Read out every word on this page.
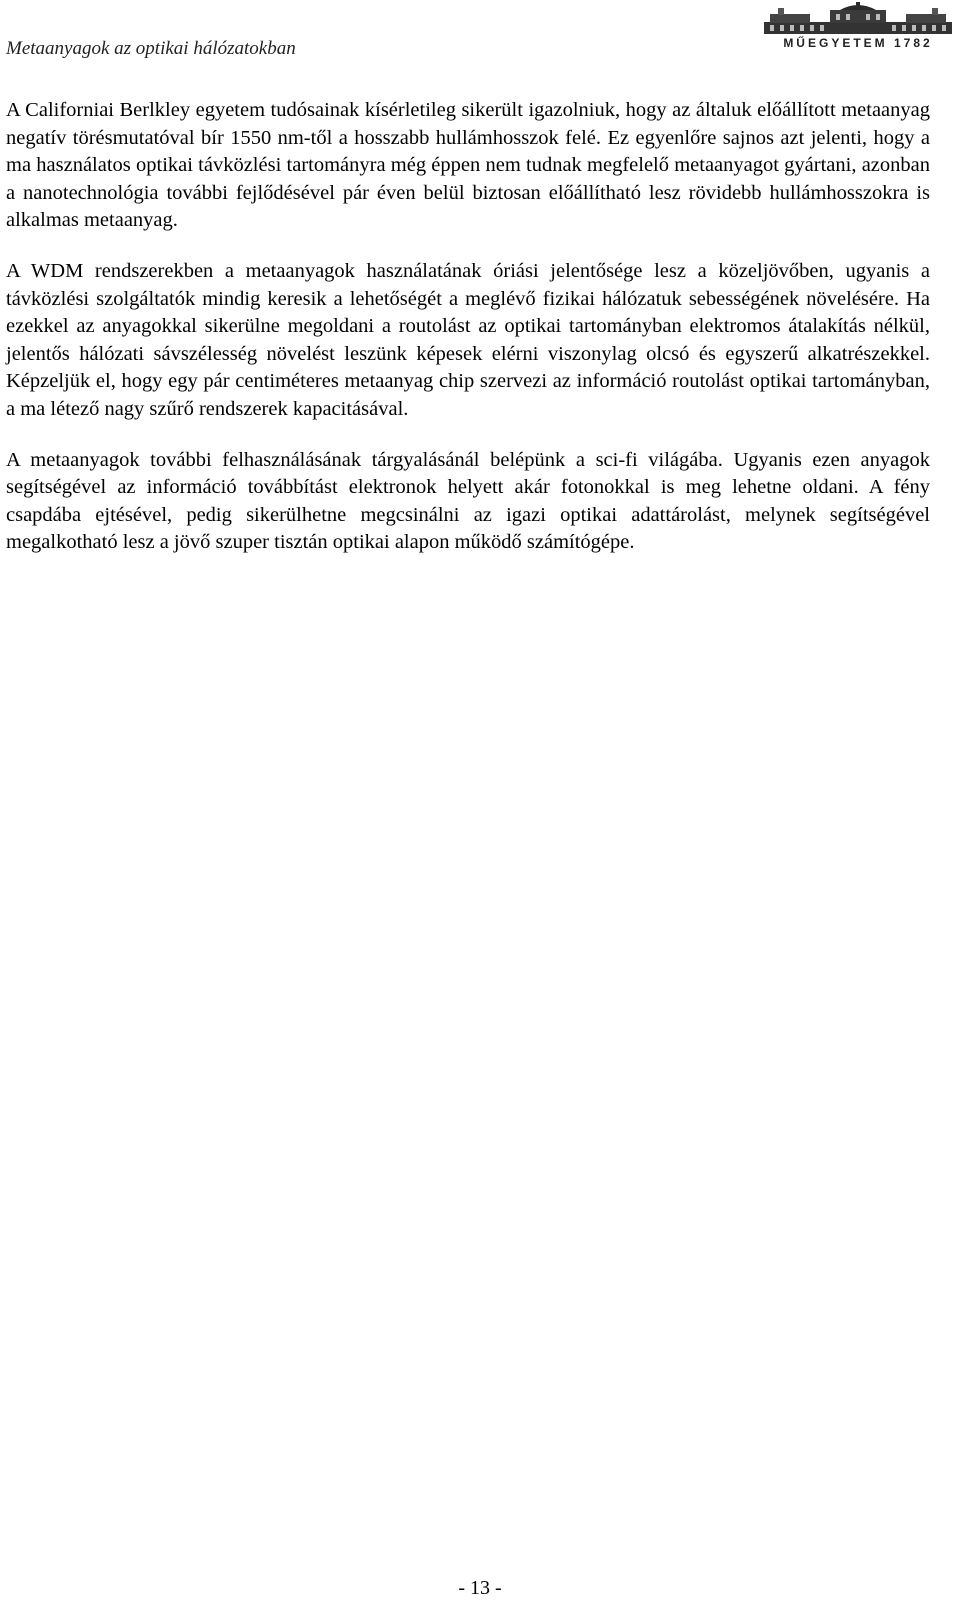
Metaanyagok az optikai hálózatokban	MŰEGYETEM 1782

A Californiai Berlkley egyetem tudósainak kísérletileg sikerült igazolniuk, hogy az általuk előállított metaanyag negatív törésmutatóval bír 1550 nm-től a hosszabb hullámhosszok felé. Ez egyenlőre sajnos azt jelenti, hogy a ma használatos optikai távközlési tartományra még éppen nem tudnak megfelelő metaanyagot gyártani, azonban a nanotechnológia további fejlődésével pár éven belül biztosan előállítható lesz rövidebb hullámhosszokra is alkalmas metaanyag.

A WDM rendszerekben a metaanyagok használatának óriási jelentősége lesz a közeljövőben, ugyanis a távközlési szolgáltatók mindig keresik a lehetőségét a meglévő fizikai hálózatuk sebességének növelésére. Ha ezekkel az anyagokkal sikerülne megoldani a routolást az optikai tartományban elektromos átalakítás nélkül, jelentős hálózati sávszélesség növelést leszünk képesek elérni viszonylag olcsó és egyszerű alkatrészekkel. Képzeljük el, hogy egy pár centiméteres metaanyag chip szervezi az információ routolást optikai tartományban, a ma létező nagy szűrő rendszerek kapacitásával.

A metaanyagok további felhasználásának tárgyalásánál belépünk a sci-fi világába. Ugyanis ezen anyagok segítségével az információ továbbítást elektronok helyett akár fotonokkal is meg lehetne oldani. A fény csapdába ejtésével, pedig sikerülhetne megcsinálni az igazi optikai adattárolást, melynek segítségével megalkotható lesz a jövő szuper tisztán optikai alapon működő számítógépe.

- 13 -
